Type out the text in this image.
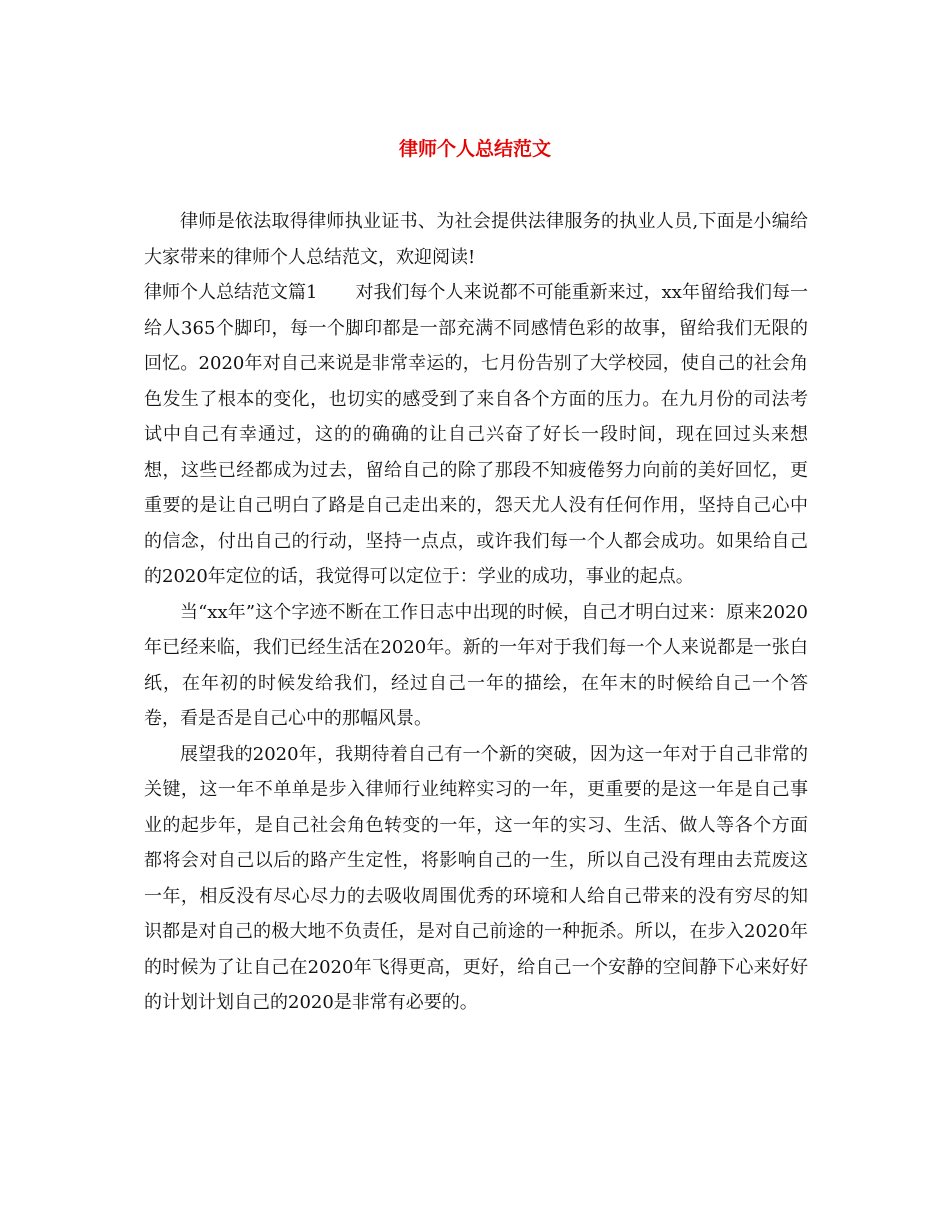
律师个人总结范文

律师是依法取得律师执业证书、为社会提供法律服务的执业人员,下面是小编给大家带来的律师个人总结范文，欢迎阅读!

律师个人总结范文篇1 对我们每个人来说都不可能重新来过，xx年留给我们每一给人365个脚印，每一个脚印都是一部充满不同感情色彩的故事，留给我们无限的回忆。2020年对自己来说是非常幸运的，七月份告别了大学校园，使自己的社会角色发生了根本的变化，也切实的感受到了来自各个方面的压力。在九月份的司法考试中自己有幸通过，这的的确确的让自己兴奋了好长一段时间，现在回过头来想想，这些已经都成为过去，留给自己的除了那段不知疲倦努力向前的美好回忆，更重要的是让自己明白了路是自己走出来的，怨天尤人没有任何作用，坚持自己心中的信念，付出自己的行动，坚持一点点，或许我们每一个人都会成功。如果给自己的2020年定位的话，我觉得可以定位于：学业的成功，事业的起点。

当“xx年”这个字迹不断在工作日志中出现的时候，自己才明白过来：原来2020年已经来临，我们已经生活在2020年。新的一年对于我们每一个人来说都是一张白纸，在年初的时候发给我们，经过自己一年的描绘，在年末的时候给自己一个答卷，看是否是自己心中的那幅风景。

展望我的2020年，我期待着自己有一个新的突破，因为这一年对于自己非常的关键，这一年不单单是步入律师行业纯粹实习的一年，更重要的是这一年是自己事业的起步年，是自己社会角色转变的一年，这一年的实习、生活、做人等各个方面都将会对自己以后的路产生定性，将影响自己的一生，所以自己没有理由去荒废这一年，相反没有尽心尽力的去吸收周围优秀的环境和人给自己带来的没有穷尽的知识都是对自己的极大地不负责任，是对自己前途的一种扼杀。所以，在步入2020年的时候为了让自己在2020年飞得更高，更好，给自己一个安静的空间静下心来好好的计划计划自己的2020是非常有必要的。
